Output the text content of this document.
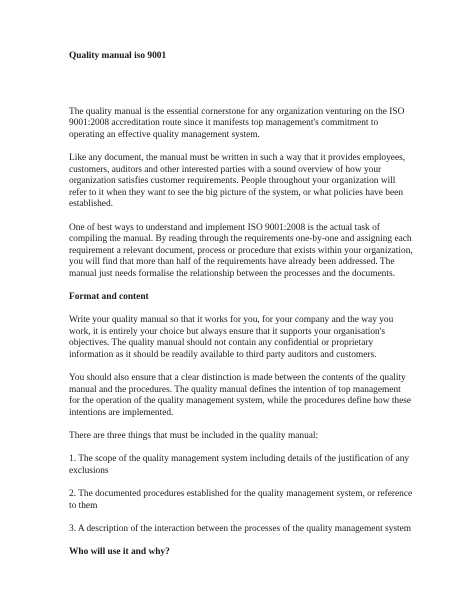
Quality manual iso 9001

The quality manual is the essential cornerstone for any organization venturing on the ISO 9001:2008 accreditation route since it manifests top management's commitment to operating an effective quality management system.

Like any document, the manual must be written in such a way that it provides employees, customers, auditors and other interested parties with a sound overview of how your organization satisfies customer requirements. People throughout your organization will refer to it when they want to see the big picture of the system, or what policies have been established.

One of best ways to understand and implement ISO 9001:2008 is the actual task of compiling the manual. By reading through the requirements one-by-one and assigning each requirement a relevant document, process or procedure that exists within your organization, you will find that more than half of the requirements have already been addressed. The manual just needs formalise the relationship between the processes and the documents.

Format and content

Write your quality manual so that it works for you, for your company and the way you work, it is entirely your choice but always ensure that it supports your organisation's objectives. The quality manual should not contain any confidential or proprietary information as it should be readily available to third party auditors and customers.

You should also ensure that a clear distinction is made between the contents of the quality manual and the procedures. The quality manual defines the intention of top management for the operation of the quality management system, while the procedures define how these intentions are implemented.

There are three things that must be included in the quality manual:

1. The scope of the quality management system including details of the justification of any exclusions

2. The documented procedures established for the quality management system, or reference to them

3. A description of the interaction between the processes of the quality management system

Who will use it and why?
